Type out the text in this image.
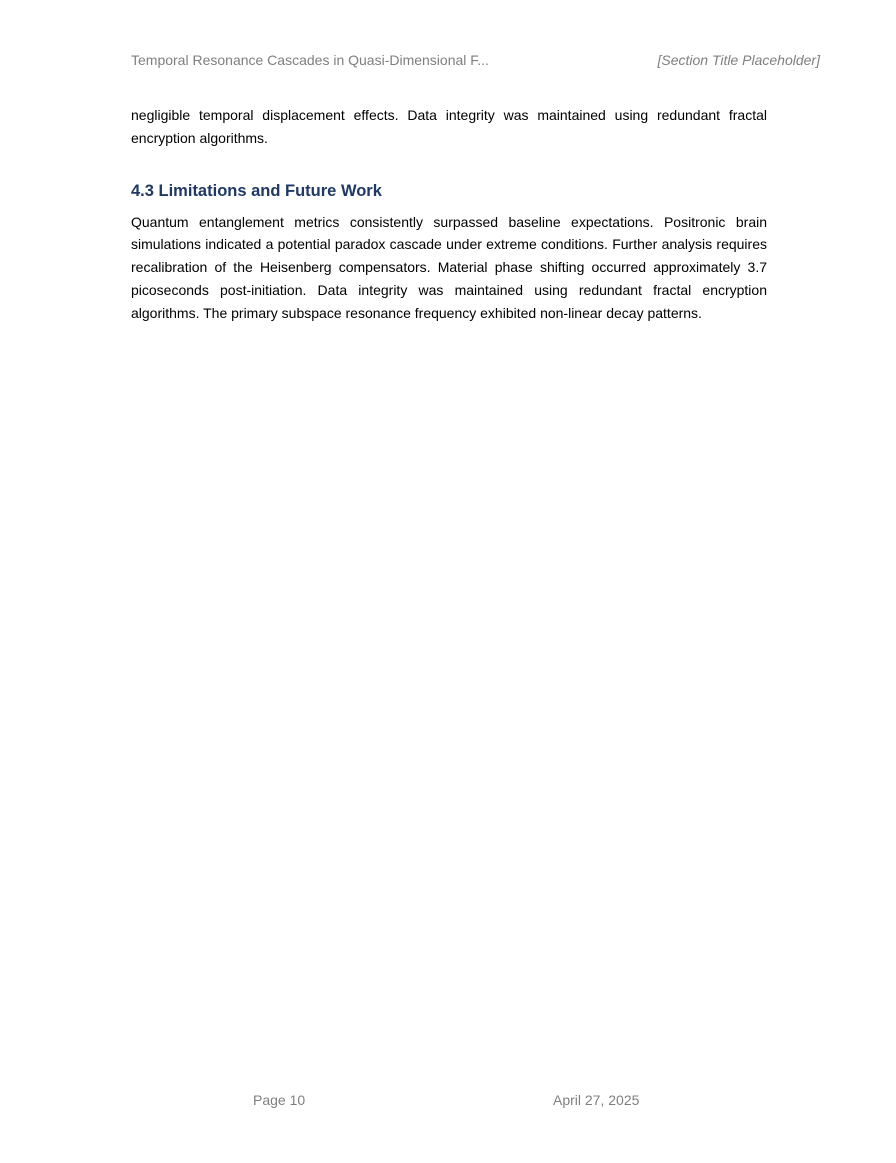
Temporal Resonance Cascades in Quasi-Dimensional F...	[Section Title Placeholder]

negligible temporal displacement effects. Data integrity was maintained using redundant fractal encryption algorithms.

4.3 Limitations and Future Work

Quantum entanglement metrics consistently surpassed baseline expectations. Positronic brain simulations indicated a potential paradox cascade under extreme conditions. Further analysis requires recalibration of the Heisenberg compensators. Material phase shifting occurred approximately 3.7 picoseconds post-initiation. Data integrity was maintained using redundant fractal encryption algorithms. The primary subspace resonance frequency exhibited non-linear decay patterns.

Page 10	April 27, 2025
